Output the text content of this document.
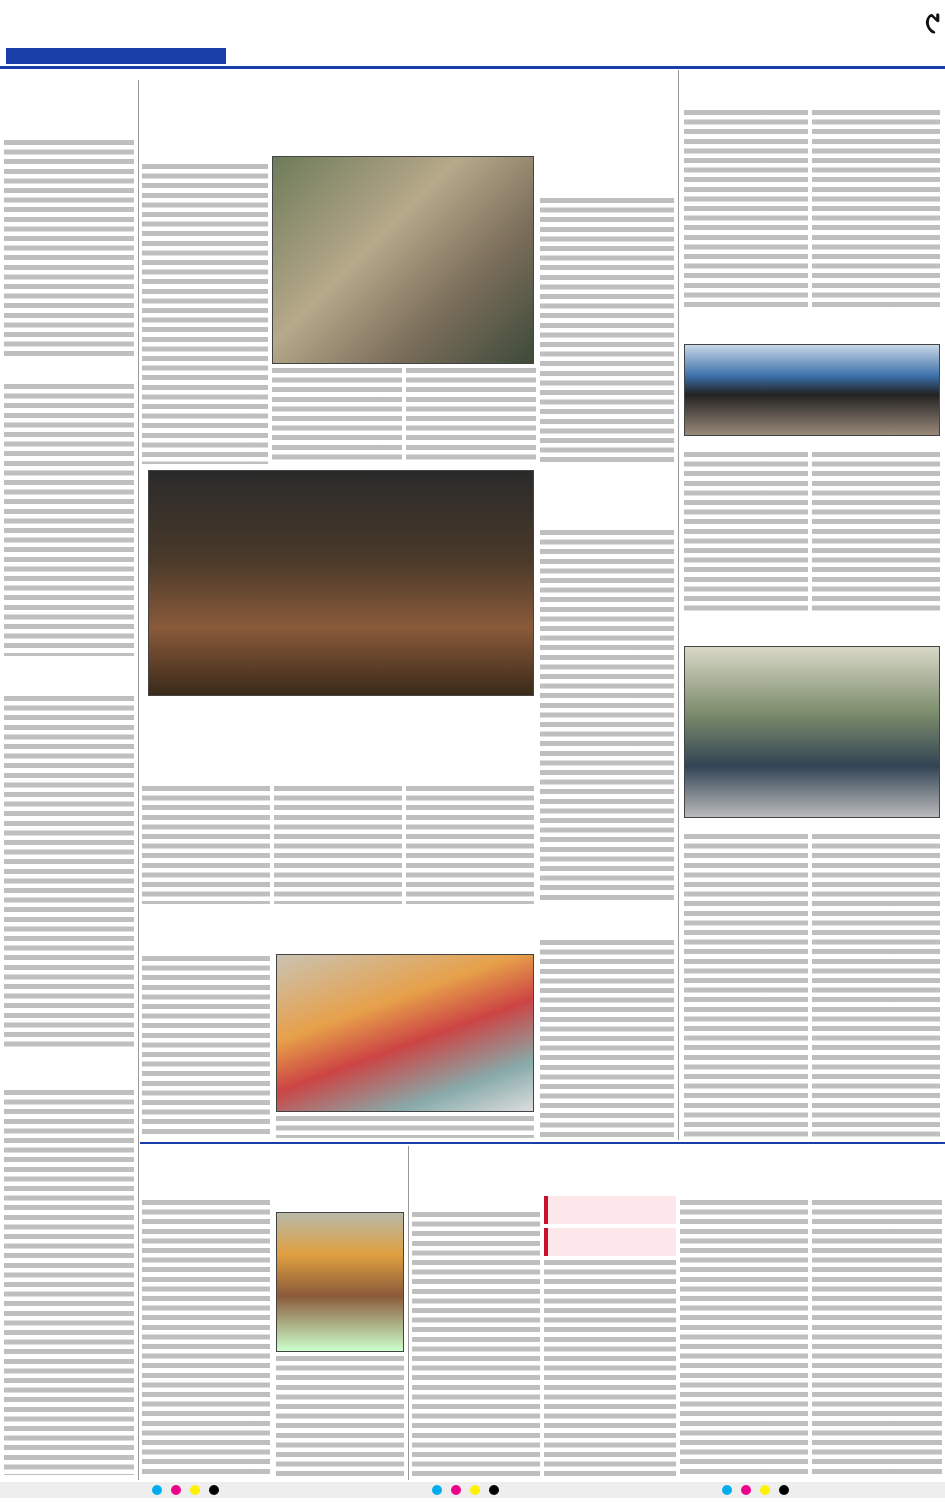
୯
